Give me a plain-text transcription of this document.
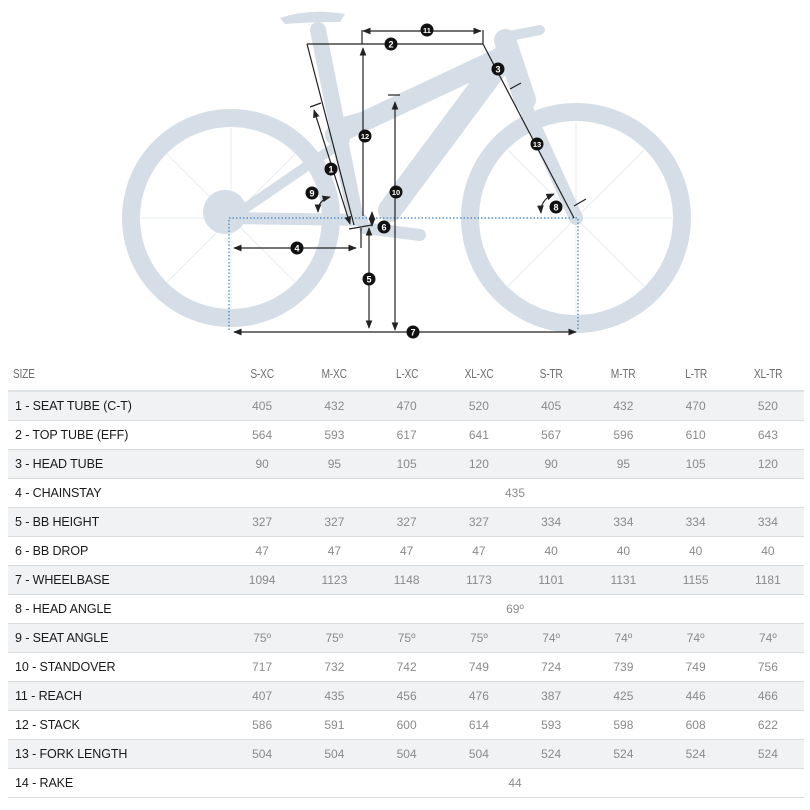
1
2
3
4
5
6
7
8
9	10
11
12
13
SIZE	S-XC	M-XC	L-XC	XL-XC	S-TR	M-TR	L-TR	XL-TR
1 - SEAT TUBE (C-T)	405	432	470	520	405	432	470	520
2 - TOP TUBE (EFF)	564	593	617	641	567	596	610	643
3 - HEAD TUBE	90	95	105	120	90	95	105	120
4 - CHAINSTAY	435							
5 - BB HEIGHT	327	327	327	327	334	334	334	334
6 - BB DROP	47	47	47	47	40	40	40	40
7 - WHEELBASE	1094	1123	1148	1173	1101	1131	1155	1181
8 - HEAD ANGLE	69º							
9 - SEAT ANGLE	75º	75º	75º	75º	74º	74º	74º	74º
10 - STANDOVER	717	732	742	749	724	739	749	756
11 - REACH	407	435	456	476	387	425	446	466
12 - STACK	586	591	600	614	593	598	608	622
13 - FORK LENGTH	504	504	504	504	524	524	524	524
14 - RAKE	44							
